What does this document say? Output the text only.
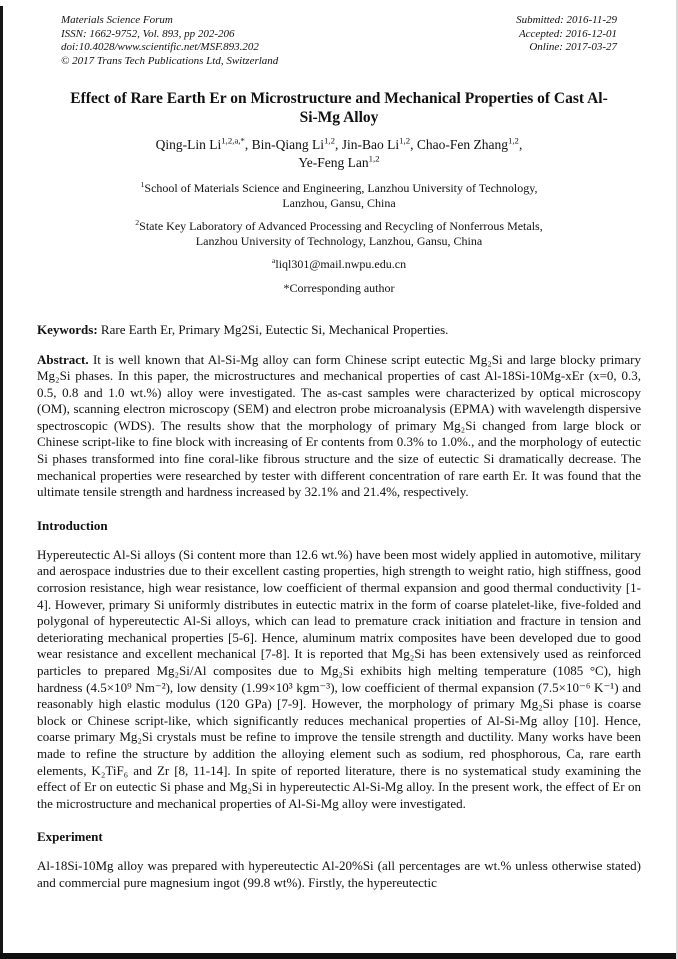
Materials Science Forum
ISSN: 1662-9752, Vol. 893, pp 202-206
doi:10.4028/www.scientific.net/MSF.893.202
© 2017 Trans Tech Publications Ltd, Switzerland
Submitted: 2016-11-29
Accepted: 2016-12-01
Online: 2017-03-27
Effect of Rare Earth Er on Microstructure and Mechanical Properties of Cast Al-Si-Mg Alloy

Qing-Lin $Li^{1,2,a,*}$, Bin-Qiang Li$^{1,2}$, Jin-Bao Li$^{1,2}$, Chao-Fen Zhang$^{1,2}$,

Ye-Feng Lan$^{1,2}$

$^1$School of Materials Science and Engineering, Lanzhou University of Technology,
Lanzhou, Gansu, China

$^2$State Key Laboratory of Advanced Processing and Recycling of Nonferrous Metals,
Lanzhou University of Technology, Lanzhou, Gansu, China

$^a$liql301@mail.nwpu.edu.cn

*Corresponding author

Keywords: Rare Earth Er, Primary Mg2Si, Eutectic Si, Mechanical Properties.

Abstract. It is well known that Al-Si-Mg alloy can form Chinese script eutectic Mg₂Si and large blocky primary Mg₂Si phases. In this paper, the microstructures and mechanical properties of cast Al-18Si-10Mg-xEr (x=0, 0.3, 0.5, 0.8 and 1.0 wt.%) alloy were investigated. The as-cast samples were characterized by optical microscopy (OM), scanning electron microscopy (SEM) and electron probe microanalysis (EPMA) with wavelength dispersive spectroscopic (WDS). The results show that the morphology of primary Mg₂Si changed from large block or Chinese script-like to fine block with increasing of Er contents from 0.3% to 1.0%., and the morphology of eutectic Si phases transformed into fine coral-like fibrous structure and the size of eutectic Si dramatically decrease. The mechanical properties were researched by tester with different concentration of rare earth Er. It was found that the ultimate tensile strength and hardness increased by 32.1% and 21.4%, respectively.

Introduction

Hypereutectic Al-Si alloys (Si content more than 12.6 wt.%) have been most widely applied in automotive, military and aerospace industries due to their excellent casting properties, high strength to weight ratio, high stiffness, good corrosion resistance, high wear resistance, low coefficient of thermal expansion and good thermal conductivity [1-4]. However, primary Si uniformly distributes in eutectic matrix in the form of coarse platelet-like, five-folded and polygonal of hypereutectic Al-Si alloys, which can lead to premature crack initiation and fracture in tension and deteriorating mechanical properties [5-6]. Hence, aluminum matrix composites have been developed due to good wear resistance and excellent mechanical [7-8]. It is reported that Mg₂Si has been extensively used as reinforced particles to prepared Mg₂Si/Al composites due to Mg₂Si exhibits high melting temperature (1085 °C), high hardness (4.5×10⁹ Nm⁻²), low density (1.99×10³ kgm⁻³), low coefficient of thermal expansion (7.5×10⁻⁶ K⁻¹) and reasonably high elastic modulus (120 GPa) [7-9]. However, the morphology of primary Mg₂Si phase is coarse block or Chinese script-like, which significantly reduces mechanical properties of Al-Si-Mg alloy [10]. Hence, coarse primary Mg₂Si crystals must be refine to improve the tensile strength and ductility. Many works have been made to refine the structure by addition the alloying element such as sodium, red phosphorous, Ca, rare earth elements, K₂TiF₆ and Zr [8, 11-14]. In spite of reported literature, there is no systematical study examining the effect of Er on eutectic Si phase and Mg₂Si in hypereutectic Al-Si-Mg alloy. In the present work, the effect of Er on the microstructure and mechanical properties of Al-Si-Mg alloy were investigated.

Experiment

Al-18Si-10Mg alloy was prepared with hypereutectic Al-20%Si (all percentages are wt.% unless otherwise stated) and commercial pure magnesium ingot (99.8 wt%). Firstly, the hypereutectic
